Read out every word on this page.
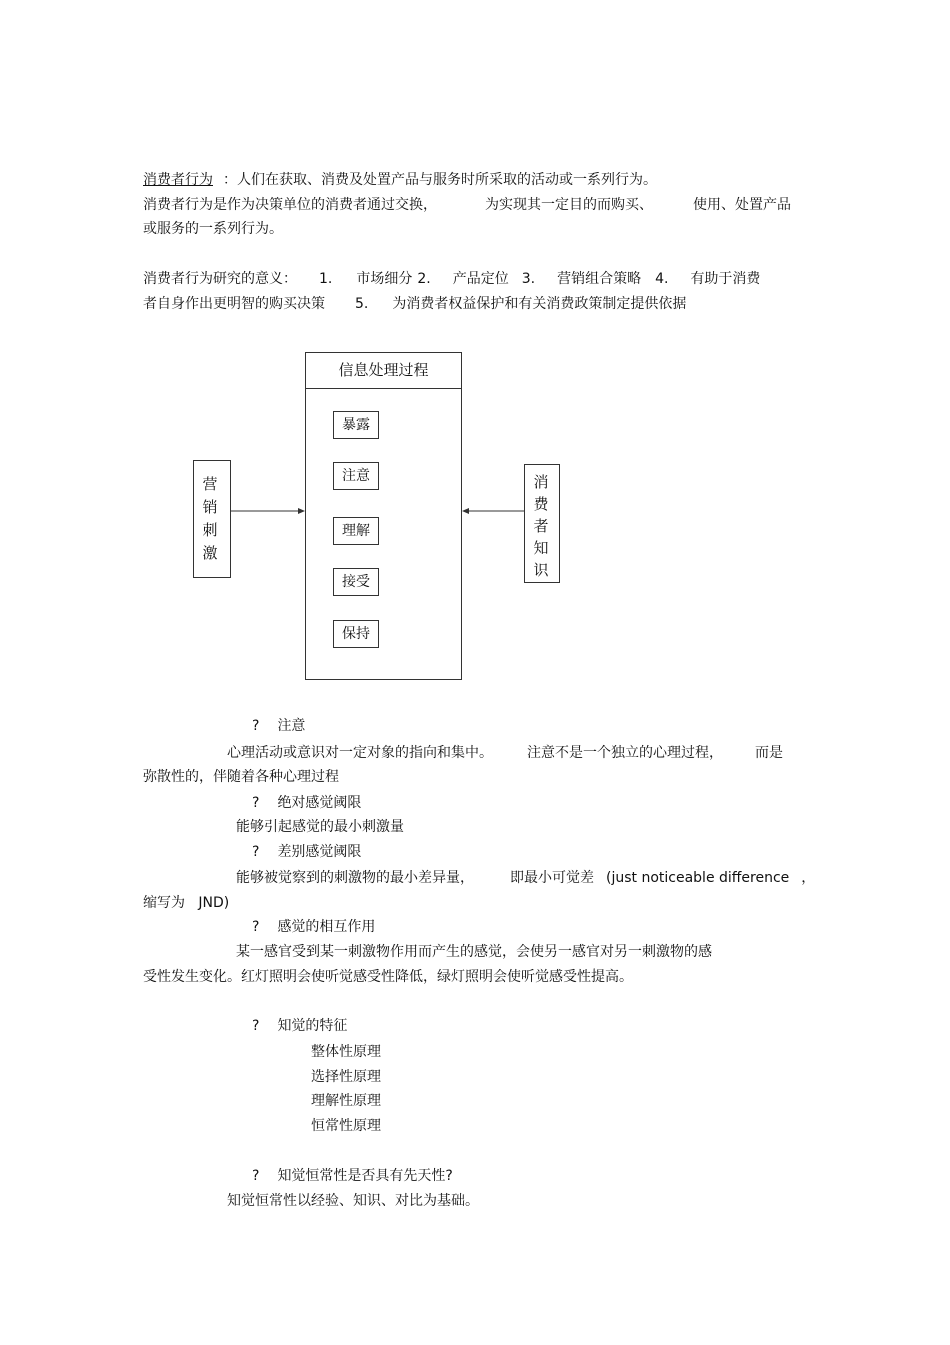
消费者行为 ：人们在获取、消费及处置产品与服务时所采取的活动或一系列行为。
消费者行为是作为决策单位的消费者通过交换，	为实现其一定目的而购买、	使用、处置产品
或服务的一系列行为。
消费者行为研究的意义： 1. 市场细分 2. 产品定位 3. 营销组合策略 4. 有助于消费
者自身作出更明智的购买决策 5. 为消费者权益保护和有关消费政策制定提供依据
信息处理过程
营销刺激
消费者知识
暴露
注意
理解
接受
保持
? 注意
心理活动或意识对一定对象的指向和集中。 注意不是一个独立的心理过程， 而是
弥散性的，伴随着各种心理过程
? 绝对感觉阈限
能够引起感觉的最小刺激量
? 差别感觉阈限
能够被觉察到的刺激物的最小差异量，	即最小可觉差 (just noticeable difference ，
缩写为   JND)
? 感觉的相互作用
某一感官受到某一刺激物作用而产生的感觉，会使另一感官对另一刺激物的感
受性发生变化。红灯照明会使听觉感受性降低，绿灯照明会使听觉感受性提高。
? 知觉的特征
整体性原理
选择性原理
理解性原理
恒常性原理
? 知觉恒常性是否具有先天性?
知觉恒常性以经验、知识、对比为基础。
